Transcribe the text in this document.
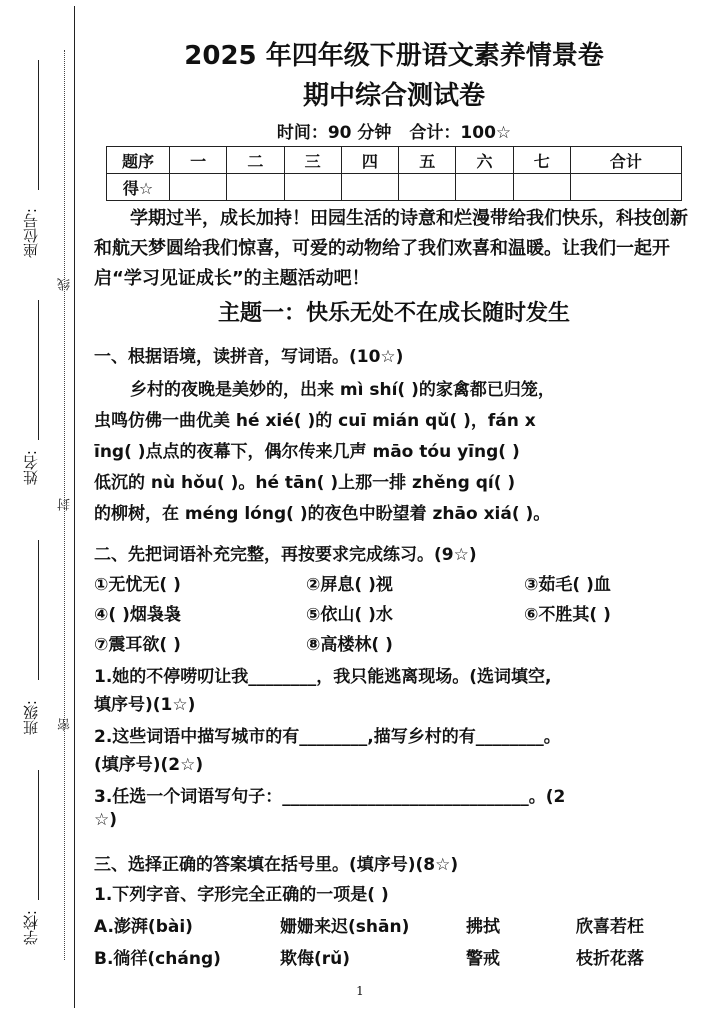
座位号:
姓名:
班级:
学校:
线
封
密
2025 年四年级下册语文素养情景卷
期中综合测试卷
时间：90 分钟 合计：100☆
题序	一	二	三	四	五	六	七	合计
得☆								
学期过半，成长加持！田园生活的诗意和烂漫带给我们快乐，科技创新和航天梦圆给我们惊喜，可爱的动物给了我们欢喜和温暖。让我们一起开启“学习见证成长”的主题活动吧！
主题一：快乐无处不在成长随时发生
一、根据语境，读拼音，写词语。(10☆)
乡村的夜晚是美妙的，出来 mì shí( )的家禽都已归笼，
虫鸣仿佛一曲优美 hé xié( )的 cuī mián qǔ( )，fán x
īng( )点点的夜幕下，偶尔传来几声 māo tóu yīng( )
低沉的 nù hǒu( )。hé tān( )上那一排 zhěng qí( )
的柳树，在 méng lóng( )的夜色中盼望着 zhāo xiá( )。
二、先把词语补充完整，再按要求完成练习。(9☆)
①无忧无( )	②屏息( )视	③茹毛( )血
④( )烟袅袅	⑤依山( )水	⑥不胜其( )
⑦震耳欲( )	⑧高楼林( )
1.她的不停唠叨让我________，我只能逃离现场。(选词填空,
填序号)(1☆)
2.这些词语中描写城市的有________,描写乡村的有________。
(填序号)(2☆)
3.任选一个词语写句子：_____________________________。(2
☆)
三、选择正确的答案填在括号里。(填序号)(8☆)
1.下列字音、字形完全正确的一项是( )
A.澎湃(bài)	姗姗来迟(shān)	拂拭	欣喜若枉
B.徜徉(cháng)	欺侮(rǔ)	警戒	枝折花落
1
